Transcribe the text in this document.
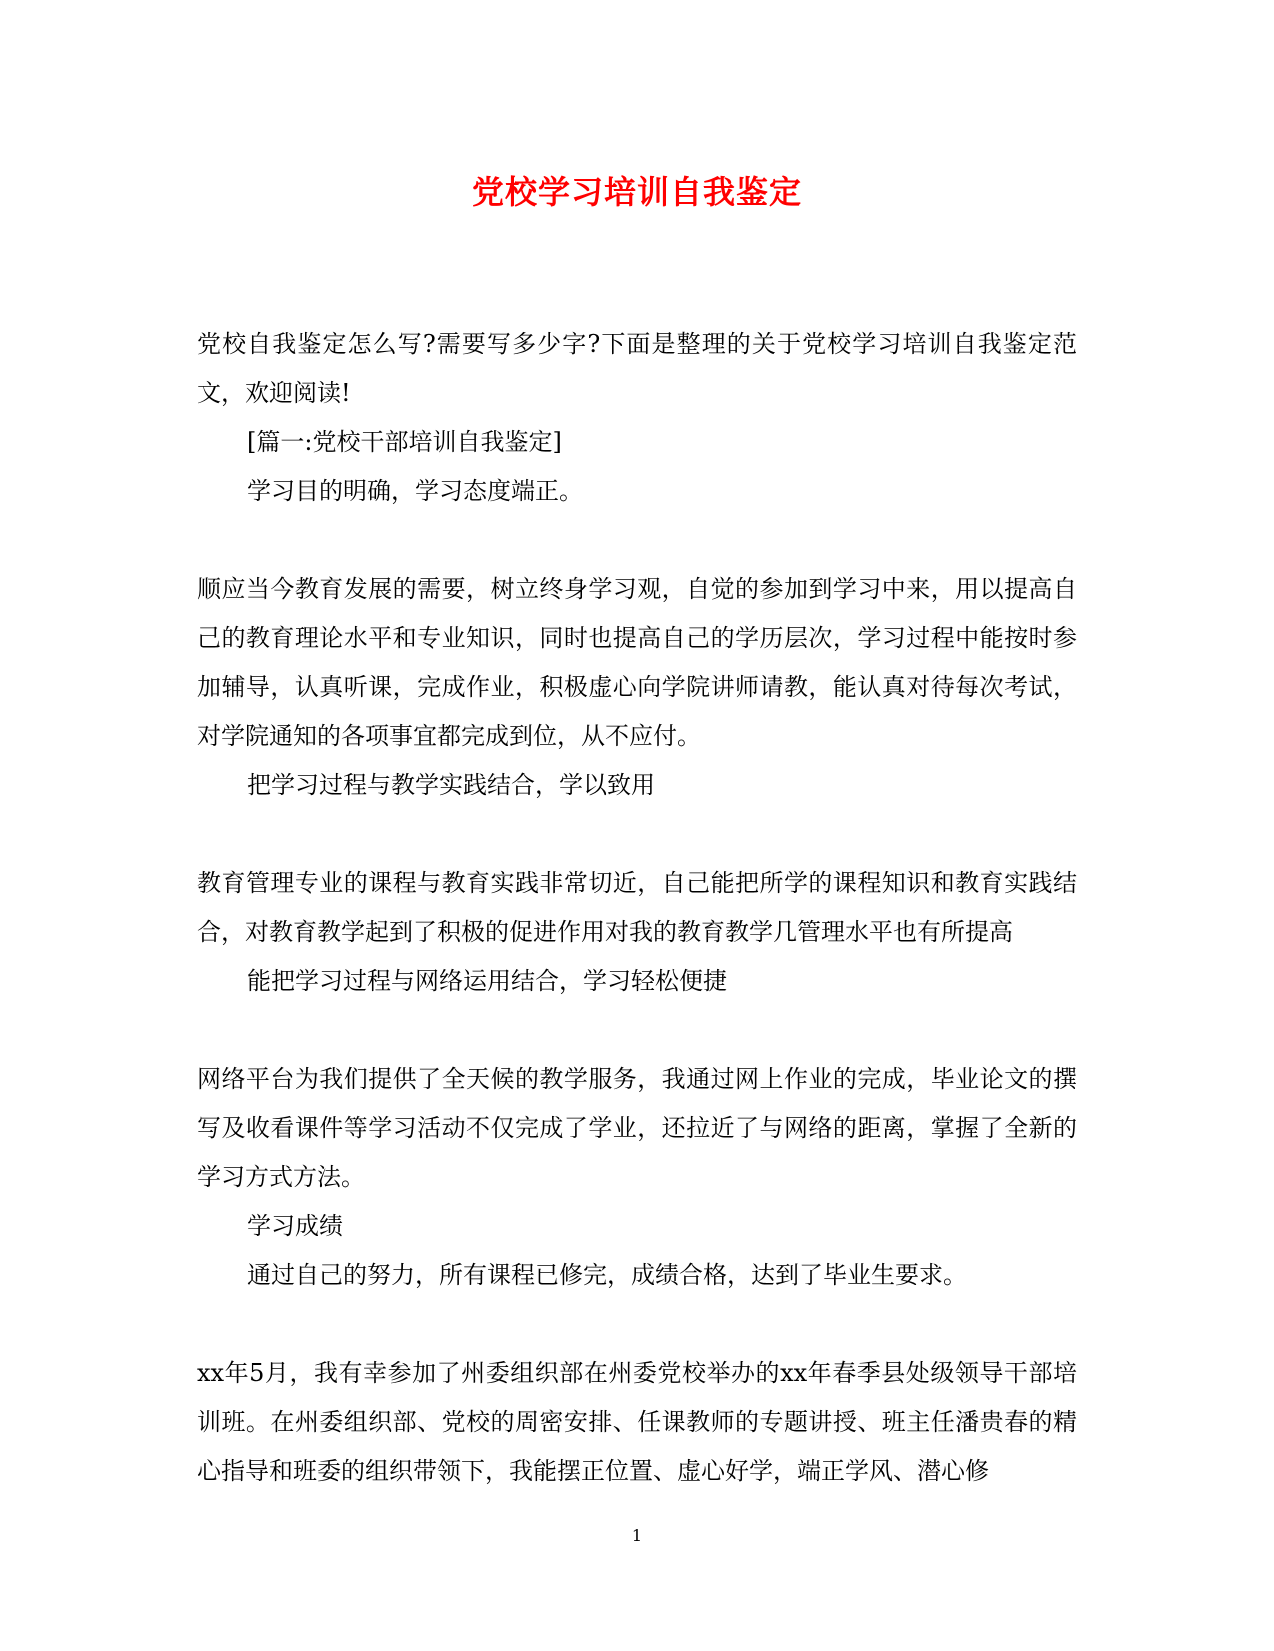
党校学习培训自我鉴定

党校自我鉴定怎么写?需要写多少字?下面是整理的关于党校学习培训自我鉴定范文，欢迎阅读!

[篇一:党校干部培训自我鉴定]

学习目的明确，学习态度端正。

顺应当今教育发展的需要，树立终身学习观，自觉的参加到学习中来，用以提高自己的教育理论水平和专业知识，同时也提高自己的学历层次，学习过程中能按时参加辅导，认真听课，完成作业，积极虚心向学院讲师请教，能认真对待每次考试，对学院通知的各项事宜都完成到位，从不应付。

把学习过程与教学实践结合，学以致用

教育管理专业的课程与教育实践非常切近，自己能把所学的课程知识和教育实践结合，对教育教学起到了积极的促进作用对我的教育教学几管理水平也有所提高

能把学习过程与网络运用结合，学习轻松便捷

网络平台为我们提供了全天候的教学服务，我通过网上作业的完成，毕业论文的撰写及收看课件等学习活动不仅完成了学业，还拉近了与网络的距离，掌握了全新的学习方式方法。

学习成绩

通过自己的努力，所有课程已修完，成绩合格，达到了毕业生要求。

xx年5月，我有幸参加了州委组织部在州委党校举办的xx年春季县处级领导干部培训班。在州委组织部、党校的周密安排、任课教师的专题讲授、班主任潘贵春的精心指导和班委的组织带领下，我能摆正位置、虚心好学，端正学风、潜心修

1
